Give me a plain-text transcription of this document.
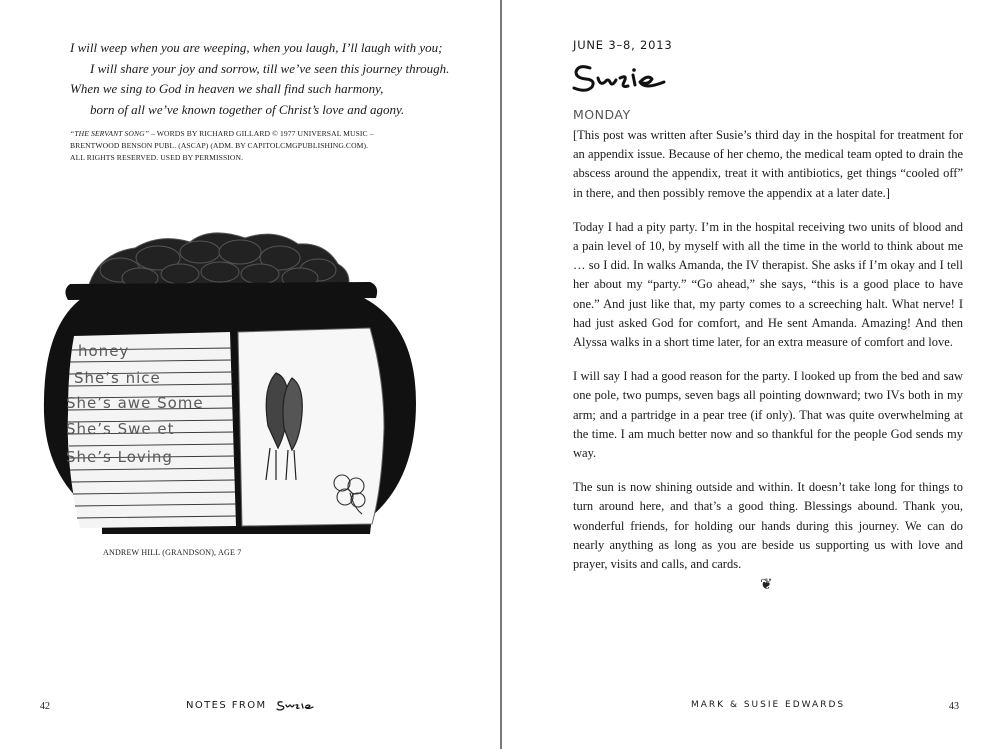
I will weep when you are weeping, when you laugh, I’ll laugh with you;
I will share your joy and sorrow, till we’ve seen this journey through.
When we sing to God in heaven we shall find such harmony,
born of all we’ve known together of Christ’s love and agony.
“THE SERVANT SONG” – WORDS BY RICHARD GILLARD © 1977 UNIVERSAL MUSIC –
BRENTWOOD BENSON PUBL. (ASCAP) (ADM. BY CAPITOLCMGPUBLISHING.COM).
ALL RIGHTS RESERVED. USED BY PERMISSION.
honey
She’s nice
She’s awe Some
She’s Swe et
She’s Loving
ANDREW HILL (GRANDSON), AGE 7
42	NOTES FROM
JUNE 3–8, 2013
MONDAY

[This post was written after Susie’s third day in the hospital for treatment for an appendix issue. Because of her chemo, the medical team opted to drain the abscess around the appendix, treat it with antibiotics, get things “cooled off” in there, and then possibly remove the appendix at a later date.]

Today I had a pity party. I’m in the hospital receiving two units of blood and a pain level of 10, by myself with all the time in the world to think about me … so I did. In walks Amanda, the IV therapist. She asks if I’m okay and I tell her about my “party.” “Go ahead,” she says, “this is a good place to have one.” And just like that, my party comes to a screeching halt. What nerve! I had just asked God for comfort, and He sent Amanda. Amazing! And then Alyssa walks in a short time later, for an extra measure of comfort and love.

I will say I had a good reason for the party. I looked up from the bed and saw one pole, two pumps, seven bags all pointing downward; two IVs both in my arm; and a partridge in a pear tree (if only). That was quite overwhelming at the time. I am much better now and so thankful for the people God sends my way.

The sun is now shining outside and within. It doesn’t take long for things to turn around here, and that’s a good thing. Blessings abound. Thank you, wonderful friends, for holding our hands during this journey. We can do nearly anything as long as you are beside us supporting us with love and prayer, visits and calls, and cards.

❦
MARK & SUSIE EDWARDS	43
